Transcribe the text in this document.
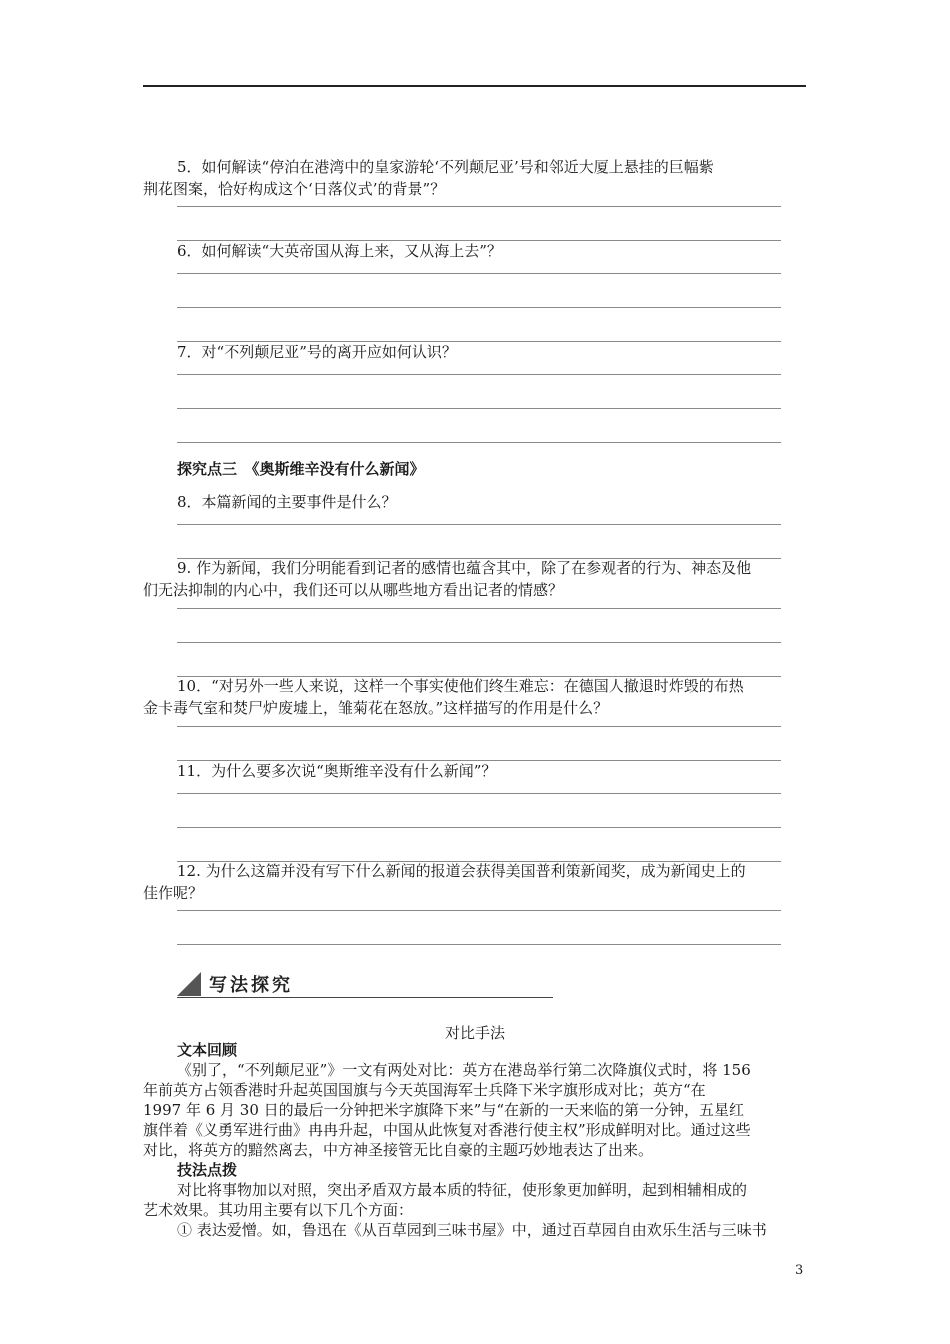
5．如何解读“停泊在港湾中的皇家游轮‘不列颠尼亚’号和邻近大厦上悬挂的巨幅紫
荆花图案，恰好构成这个‘日落仪式’的背景”？
6．如何解读“大英帝国从海上来，又从海上去”？
7．对“不列颠尼亚”号的离开应如何认识？
探究点三　《奥斯维辛没有什么新闻》
8．本篇新闻的主要事件是什么？
9. 作为新闻，我们分明能看到记者的感情也蕴含其中，除了在参观者的行为、神态及他
们无法抑制的内心中，我们还可以从哪些地方看出记者的情感？
10．“对另外一些人来说，这样一个事实使他们终生难忘：在德国人撤退时炸毁的布热
金卡毒气室和焚尸炉废墟上，雏菊花在怒放。”这样描写的作用是什么？
11．为什么要多次说“奥斯维辛没有什么新闻”？
12. 为什么这篇并没有写下什么新闻的报道会获得美国普利策新闻奖，成为新闻史上的
佳作呢？
写法探究
对比手法
文本回顾
《别了，“不列颠尼亚”》一文有两处对比：英方在港岛举行第二次降旗仪式时，将 156
年前英方占领香港时升起英国国旗与今天英国海军士兵降下米字旗形成对比；英方“在
1997 年 6 月 30 日的最后一分钟把米字旗降下来”与“在新的一天来临的第一分钟，五星红
旗伴着《义勇军进行曲》冉冉升起，中国从此恢复对香港行使主权”形成鲜明对比。通过这些
对比，将英方的黯然离去，中方神圣接管无比自豪的主题巧妙地表达了出来。
技法点拨
对比将事物加以对照，突出矛盾双方最本质的特征，使形象更加鲜明，起到相辅相成的
艺术效果。其功用主要有以下几个方面：
① 表达爱憎。如，鲁迅在《从百草园到三味书屋》中，通过百草园自由欢乐生活与三味书
3
